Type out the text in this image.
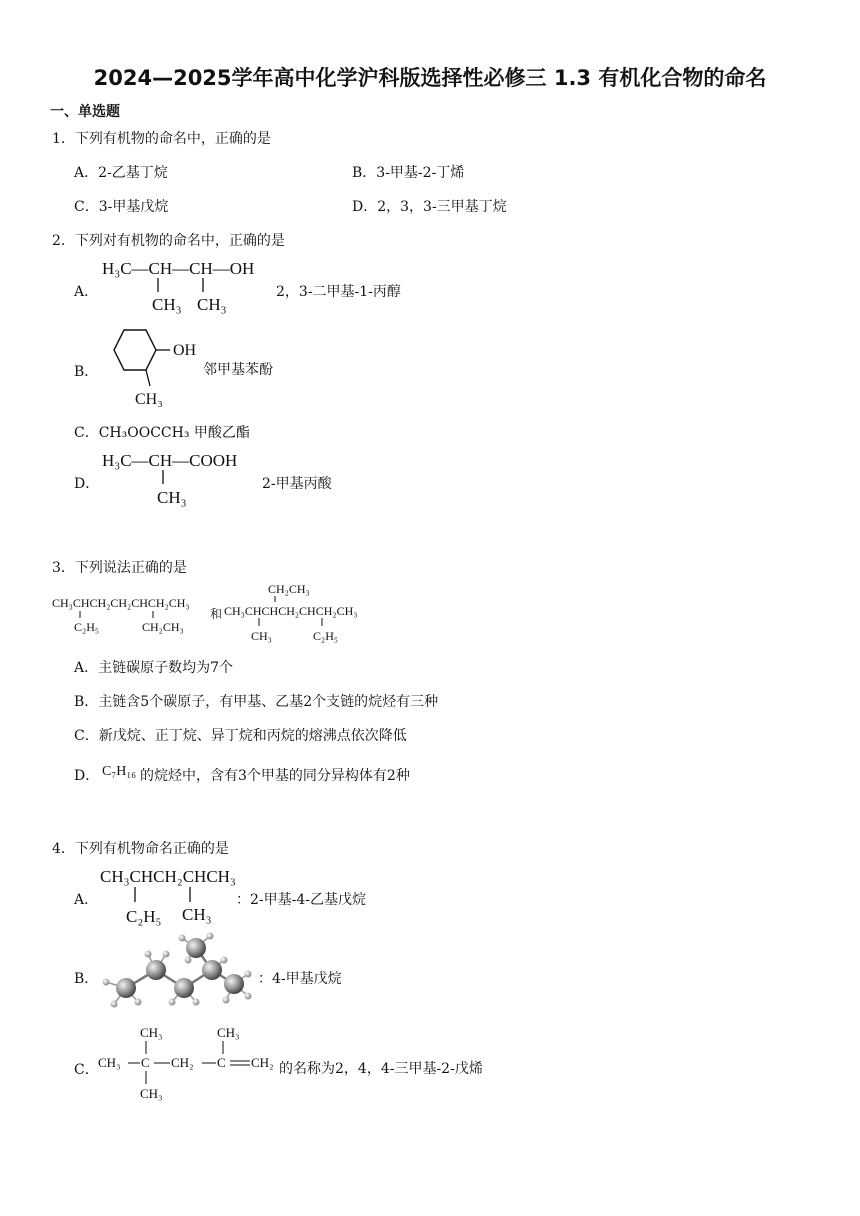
2024—2025学年高中化学沪科版选择性必修三 1.3 有机化合物的命名
一、单选题
1．下列有机物的命名中，正确的是
A．2-乙基丁烷	B．3-甲基-2-丁烯
C．3-甲基戊烷	D．2，3，3-三甲基丁烷
2．下列对有机物的命名中，正确的是
A．
H₃C—CH—CH—OH
CH₃ CH₃
2，3-二甲基-1-丙醇
B．
OH
CH₃
邻甲基苯酚
C．CH₃OOCCH₃ 甲酸乙酯
D．
H₃C—CH—COOH
CH₃
2-甲基丙酸
3．下列说法正确的是
CH₃CHCH₂CH₂CHCH₂CH₃
C₂H₅	CH₂CH₃
和
CH₂CH₃
CH₃CHCHCH₂CHCH₂CH₃
CH₃	C₂H₅
A．主链碳原子数均为7个
B．主链含5个碳原子，有甲基、乙基2个支链的烷烃有三种
C．新戊烷、正丁烷、异丁烷和丙烷的熔沸点依次降低
D． C₇H₁₆ 的烷烃中，含有3个甲基的同分异构体有2种
4．下列有机物命名正确的是
A．
CH₃CHCH₂CHCH₃
C₂H₅ CH₃
：2-甲基-4-乙基戊烷
B．	：4-甲基戊烷
C． CH₃ C CH₂ C CH₂
CH₃
CH₃
CH₃
的名称为2，4，4-三甲基-2-戊烯
